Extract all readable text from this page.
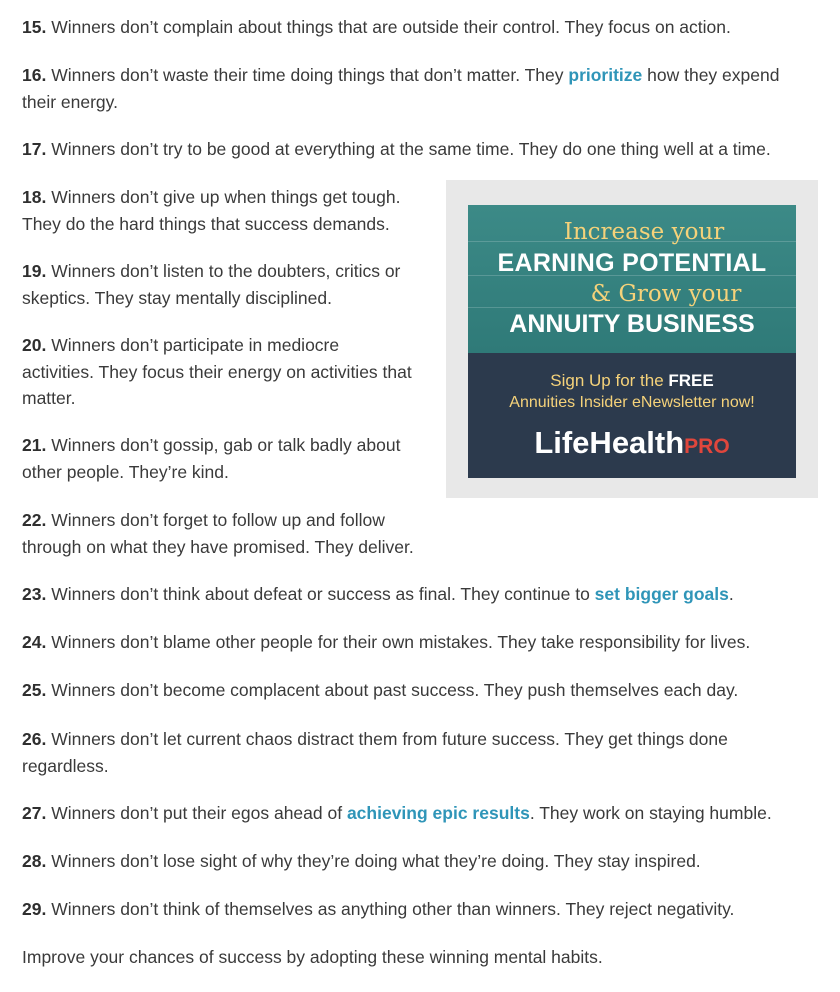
15. Winners don’t complain about things that are outside their control. They focus on action.

16. Winners don’t waste their time doing things that don’t matter. They prioritize how they expend their energy.

17. Winners don’t try to be good at everything at the same time. They do one thing well at a time.

18. Winners don’t give up when things get tough. They do the hard things that success demands.

19. Winners don’t listen to the doubters, critics or skeptics. They stay mentally disciplined.

20. Winners don’t participate in mediocre activities. They focus their energy on activities that matter.

21. Winners don’t gossip, gab or talk badly about other people. They’re kind.

22. Winners don’t forget to follow up and follow through on what they have promised. They deliver.

23. Winners don’t think about defeat or success as final. They continue to set bigger goals.

24. Winners don’t blame other people for their own mistakes. They take responsibility for lives.

25. Winners don’t become complacent about past success. They push themselves each day.

26. Winners don’t let current chaos distract them from future success. They get things done regardless.

27. Winners don’t put their egos ahead of achieving epic results. They work on staying humble.

28. Winners don’t lose sight of why they’re doing what they’re doing. They stay inspired.

29. Winners don’t think of themselves as anything other than winners. They reject negativity.

Improve your chances of success by adopting these winning mental habits.

Increase your
EARNING POTENTIAL
& Grow your
ANNUITY BUSINESS
Sign Up for the FREE
Annuities Insider eNewsletter now!
LifeHealthPRO
